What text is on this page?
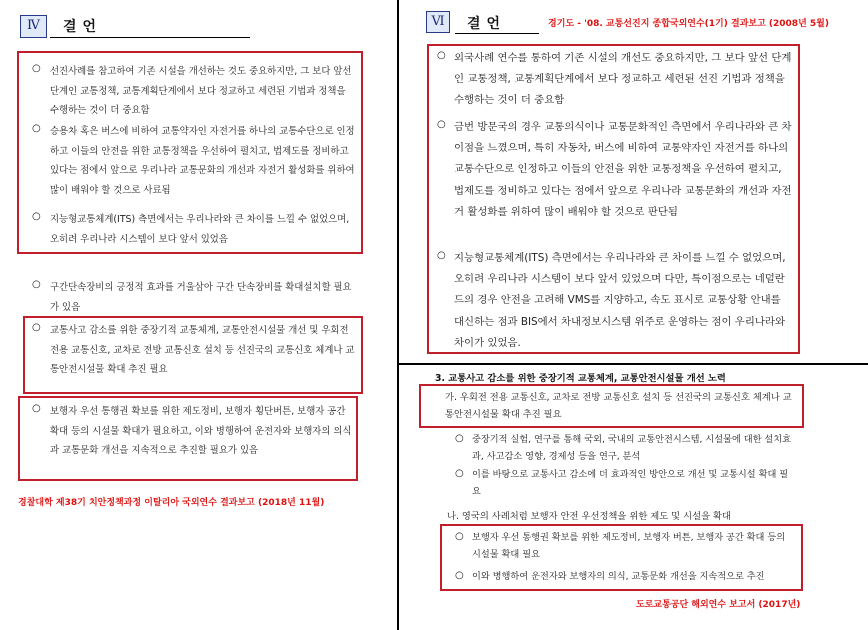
Ⅳ	결언
○ 선진사례를 참고하여 기존 시설을 개선하는 것도 중요하지만, 그 보다 앞선 단계인 교통정책, 교통계획단계에서 보다 정교하고 세련된 기법과 정책을 수행하는 것이 더 중요함
○ 승용차 혹은 버스에 비하여 교통약자인 자전거를 하나의 교통수단으로 인정하고 이들의 안전을 위한 교통정책을 우선하여 펼치고, 법제도를 정비하고 있다는 점에서 앞으로 우리나라 교통문화의 개선과 자전거 활성화를 위하여 많이 배워야 할 것으로 사료됨
○ 지능형교통체계(ITS) 측면에서는 우리나라와 큰 차이를 느낄 수 없었으며, 오히려 우리나라 시스템이 보다 앞서 있었음
○ 구간단속장비의 긍정적 효과를 거울삼아 구간 단속장비를 확대설치할 필요가 있음
○ 교통사고 감소를 위한 중장기적 교통체계, 교통안전시설물 개선 및 우회전 전용 교통신호, 교차로 전방 교통신호 설치 등 선진국의 교통신호 체계나 교통안전시설물 확대 추진 필요
○ 보행자 우선 통행권 확보를 위한 제도정비, 보행자 횡단버튼, 보행자 공간 확대 등의 시설물 확대가 필요하고, 이와 병행하여 운전자와 보행자의 의식과 교통문화 개선을 지속적으로 추진할 필요가 있음
경찰대학 제38기 치안정책과정 이탈리아 국외연수 결과보고 (2018년 11월)
Ⅵ	결언	경기도 - '08. 교통선진지 종합국외연수(1기) 결과보고 (2008년 5월)
○ 외국사례 연수를 통하여 기존 시설의 개선도 중요하지만, 그 보다 앞선 단계인 교통정책, 교통계획단계에서 보다 정교하고 세련된 선진 기법과 정책을 수행하는 것이 더 중요함
○ 금번 방문국의 경우 교통의식이나 교통문화적인 측면에서 우리나라와 큰 차이점을 느꼈으며, 특히 자동차, 버스에 비하여 교통약자인 자전거를 하나의 교통수단으로 인정하고 이들의 안전을 위한 교통정책을 우선하여 펼치고, 법제도를 정비하고 있다는 점에서 앞으로 우리나라 교통문화의 개선과 자전거 활성화를 위하여 많이 배워야 할 것으로 판단됨
○ 지능형교통체계(ITS) 측면에서는 우리나라와 큰 차이를 느낄 수 없었으며, 오히려 우리나라 시스템이 보다 앞서 있었으며 다만, 특이점으로는 네덜란드의 경우 안전을 고려해 VMS를 지양하고, 속도 표시로 교통상황 안내를 대신하는 점과 BIS에서 차내정보시스템 위주로 운영하는 점이 우리나라와 차이가 있었음.
3. 교통사고 감소를 위한 중장기적 교통체계, 교통안전시설물 개선 노력
가. 우회전 전용 교통신호, 교차로 전방 교통신호 설치 등 선진국의 교통신호 체계나 교통안전시설물 확대 추진 필요
○ 중장기적 실험, 연구를 통해 국외, 국내의 교통안전시스템, 시설물에 대한 설치효과, 사고감소 영향, 경제성 등을 연구, 분석
○ 이를 바탕으로 교통사고 감소에 더 효과적인 방안으로 개선 및 교통시설 확대 필요
나. 영국의 사례처럼 보행자 안전 우선정책을 위한 제도 및 시설을 확대
○ 보행자 우선 통행권 확보를 위한 제도정비, 보행자 버튼, 보행자 공간 확대 등의 시설물 확대 필요
○ 이와 병행하여 운전자와 보행자의 의식, 교통문화 개선을 지속적으로 추진
도로교통공단 해외연수 보고서 (2017년)
